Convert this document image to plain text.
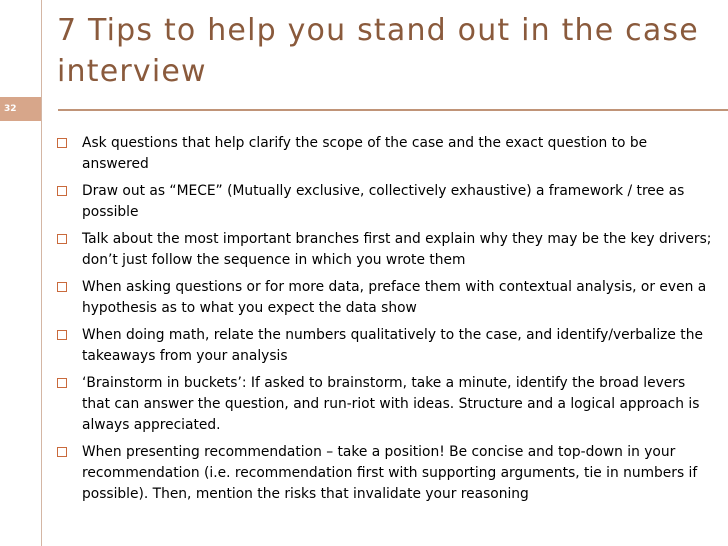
7 Tips to help you stand out in the case interview
32
Ask questions that help clarify the scope of the case and the exact question to be answered
Draw out as “MECE” (Mutually exclusive, collectively exhaustive) a framework / tree as possible
Talk about the most important branches first and explain why they may be the key drivers; don’t just follow the sequence in which you wrote them
When asking questions or for more data, preface them with contextual analysis, or even a hypothesis as to what you expect the data show
When doing math, relate the numbers qualitatively to the case, and identify/verbalize the takeaways from your analysis
‘Brainstorm in buckets’: If asked to brainstorm, take a minute, identify the broad levers that can answer the question, and run-riot with ideas. Structure and a logical approach is always appreciated.
When presenting recommendation – take a position! Be concise and top-down in your recommendation (i.e. recommendation first with supporting arguments, tie in numbers if possible). Then, mention the risks that invalidate your reasoning
